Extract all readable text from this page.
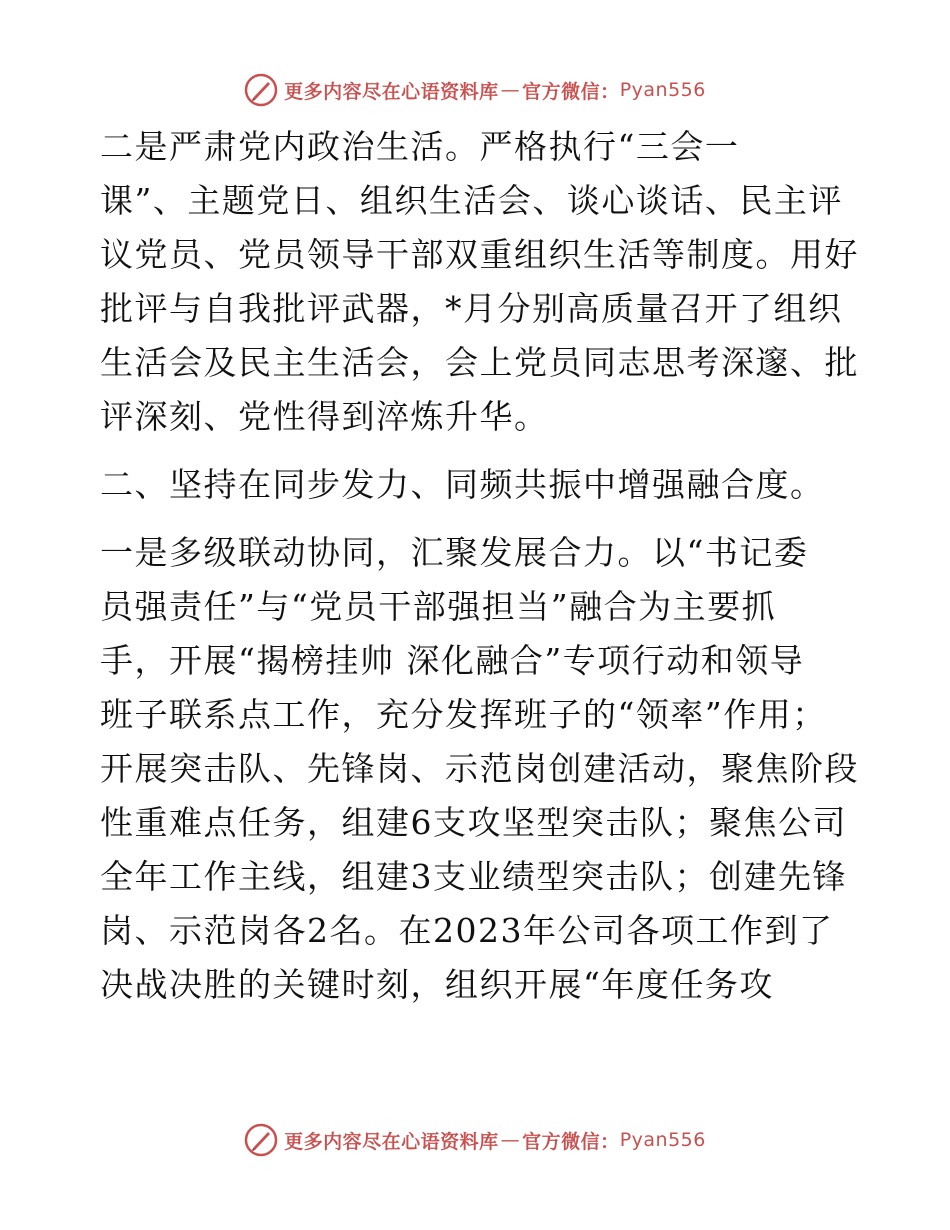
更多内容尽在心语资料库 — 官方微信： Pyan556

二是严肃党内政治生活。严格执行“三会一
课”、主题党日、组织生活会、谈心谈话、民主评
议党员、党员领导干部双重组织生活等制度。用好
批评与自我批评武器，*月分别高质量召开了组织
生活会及民主生活会，会上党员同志思考深邃、批
评深刻、党性得到淬炼升华。

二、坚持在同步发力、同频共振中增强融合度。

一是多级联动协同，汇聚发展合力。以“书记委
员强责任”与“党员干部强担当”融合为主要抓
手，开展“揭榜挂帅 深化融合”专项行动和领导
班子联系点工作，充分发挥班子的“领率”作用；
开展突击队、先锋岗、示范岗创建活动，聚焦阶段
性重难点任务，组建6支攻坚型突击队；聚焦公司
全年工作主线，组建3支业绩型突击队；创建先锋
岗、示范岗各2名。在2023年公司各项工作到了
决战决胜的关键时刻，组织开展“年度任务攻

更多内容尽在心语资料库 — 官方微信： Pyan556
